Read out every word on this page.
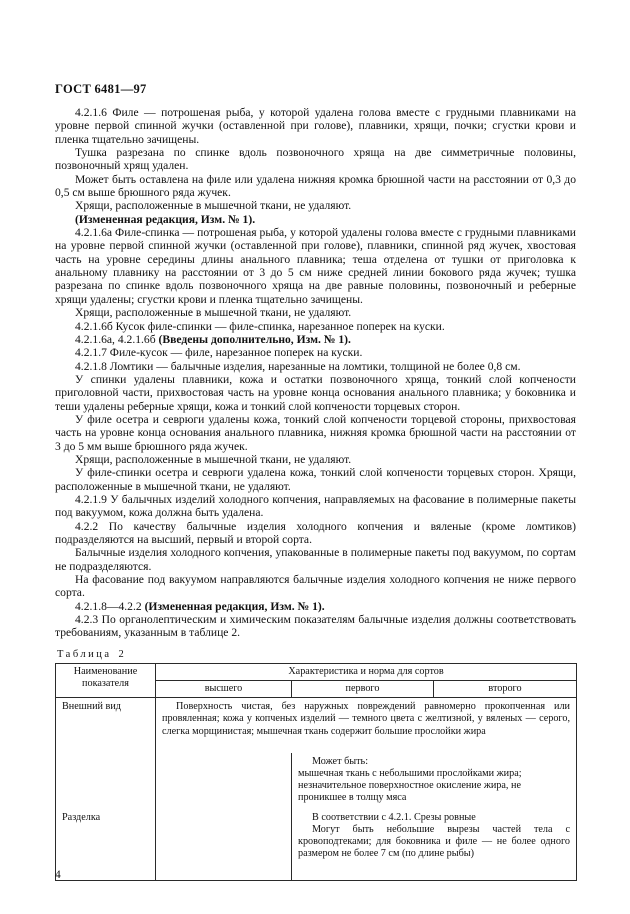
ГОСТ 6481—97

4.2.1.6 Филе — потрошеная рыба, у которой удалена голова вместе с грудными плавниками на уровне первой спинной жучки (оставленной при голове), плавники, хрящи, почки; сгустки крови и пленка тщательно зачищены.

Тушка разрезана по спинке вдоль позвоночного хряща на две симметричные половины, позвоночный хрящ удален.

Может быть оставлена на филе или удалена нижняя кромка брюшной части на расстоянии от 0,3 до 0,5 см выше брюшного ряда жучек.

Хрящи, расположенные в мышечной ткани, не удаляют.

(Измененная редакция, Изм. № 1).

4.2.1.6а Филе-спинка — потрошеная рыба, у которой удалены голова вместе с грудными плавниками на уровне первой спинной жучки (оставленной при голове), плавники, спинной ряд жучек, хвостовая часть на уровне середины длины анального плавника; теша отделена от тушки от приголовка к анальному плавнику на расстоянии от 3 до 5 см ниже средней линии бокового ряда жучек; тушка разрезана по спинке вдоль позвоночного хряща на две равные половины, позвоночный и реберные хрящи удалены; сгустки крови и пленка тщательно зачищены.

Хрящи, расположенные в мышечной ткани, не удаляют.

4.2.1.6б Кусок филе-спинки — филе-спинка, нарезанное поперек на куски.

4.2.1.6а, 4.2.1.6б (Введены дополнительно, Изм. № 1).

4.2.1.7 Филе-кусок — филе, нарезанное поперек на куски.

4.2.1.8 Ломтики — балычные изделия, нарезанные на ломтики, толщиной не более 0,8 см.

У спинки удалены плавники, кожа и остатки позвоночного хряща, тонкий слой копчености приголовной части, прихвостовая часть на уровне конца основания анального плавника; у боковника и теши удалены реберные хрящи, кожа и тонкий слой копчености торцевых сторон.

У филе осетра и севрюги удалены кожа, тонкий слой копчености торцевой стороны, прихвостовая часть на уровне конца основания анального плавника, нижняя кромка брюшной части на расстоянии от 3 до 5 мм выше брюшного ряда жучек.

Хрящи, расположенные в мышечной ткани, не удаляют.

У филе-спинки осетра и севрюги удалена кожа, тонкий слой копчености торцевых сторон. Хрящи, расположенные в мышечной ткани, не удаляют.

4.2.1.9 У балычных изделий холодного копчения, направляемых на фасование в полимерные пакеты под вакуумом, кожа должна быть удалена.

4.2.2 По качеству балычные изделия холодного копчения и вяленые (кроме ломтиков) подразделяются на высший, первый и второй сорта.

Балычные изделия холодного копчения, упакованные в полимерные пакеты под вакуумом, по сортам не подразделяются.

На фасование под вакуумом направляются балычные изделия холодного копчения не ниже первого сорта.

4.2.1.8—4.2.2 (Измененная редакция, Изм. № 1).

4.2.3 По органолептическим и химическим показателям балычные изделия должны соответствовать требованиям, указанным в таблице 2.

Таблица 2
Наименование показателя	Характеристика и норма для сортов		
	высшего	первого	второго
Внешний вид	Поверхность чистая, без наружных повреждений равномерно прокопченная или провяленная; кожа у копченых изделий — темного цвета с желтизной, у вяленых — серого, слегка морщинистая; мышечная ткань содержит большие прослойки жира		

		Может быть:
мышечная ткань с небольшими прослойками жира;
незначительное поверхностное окисление жира, не проникшее в толщу мяса	

Разделка		В соответствии с 4.2.1. Срезы ровные
Могут быть небольшие вырезы частей тела с кровоподтеками; для боковника и филе — не более одного размером не более 7 см (по длине рыбы)	
4
